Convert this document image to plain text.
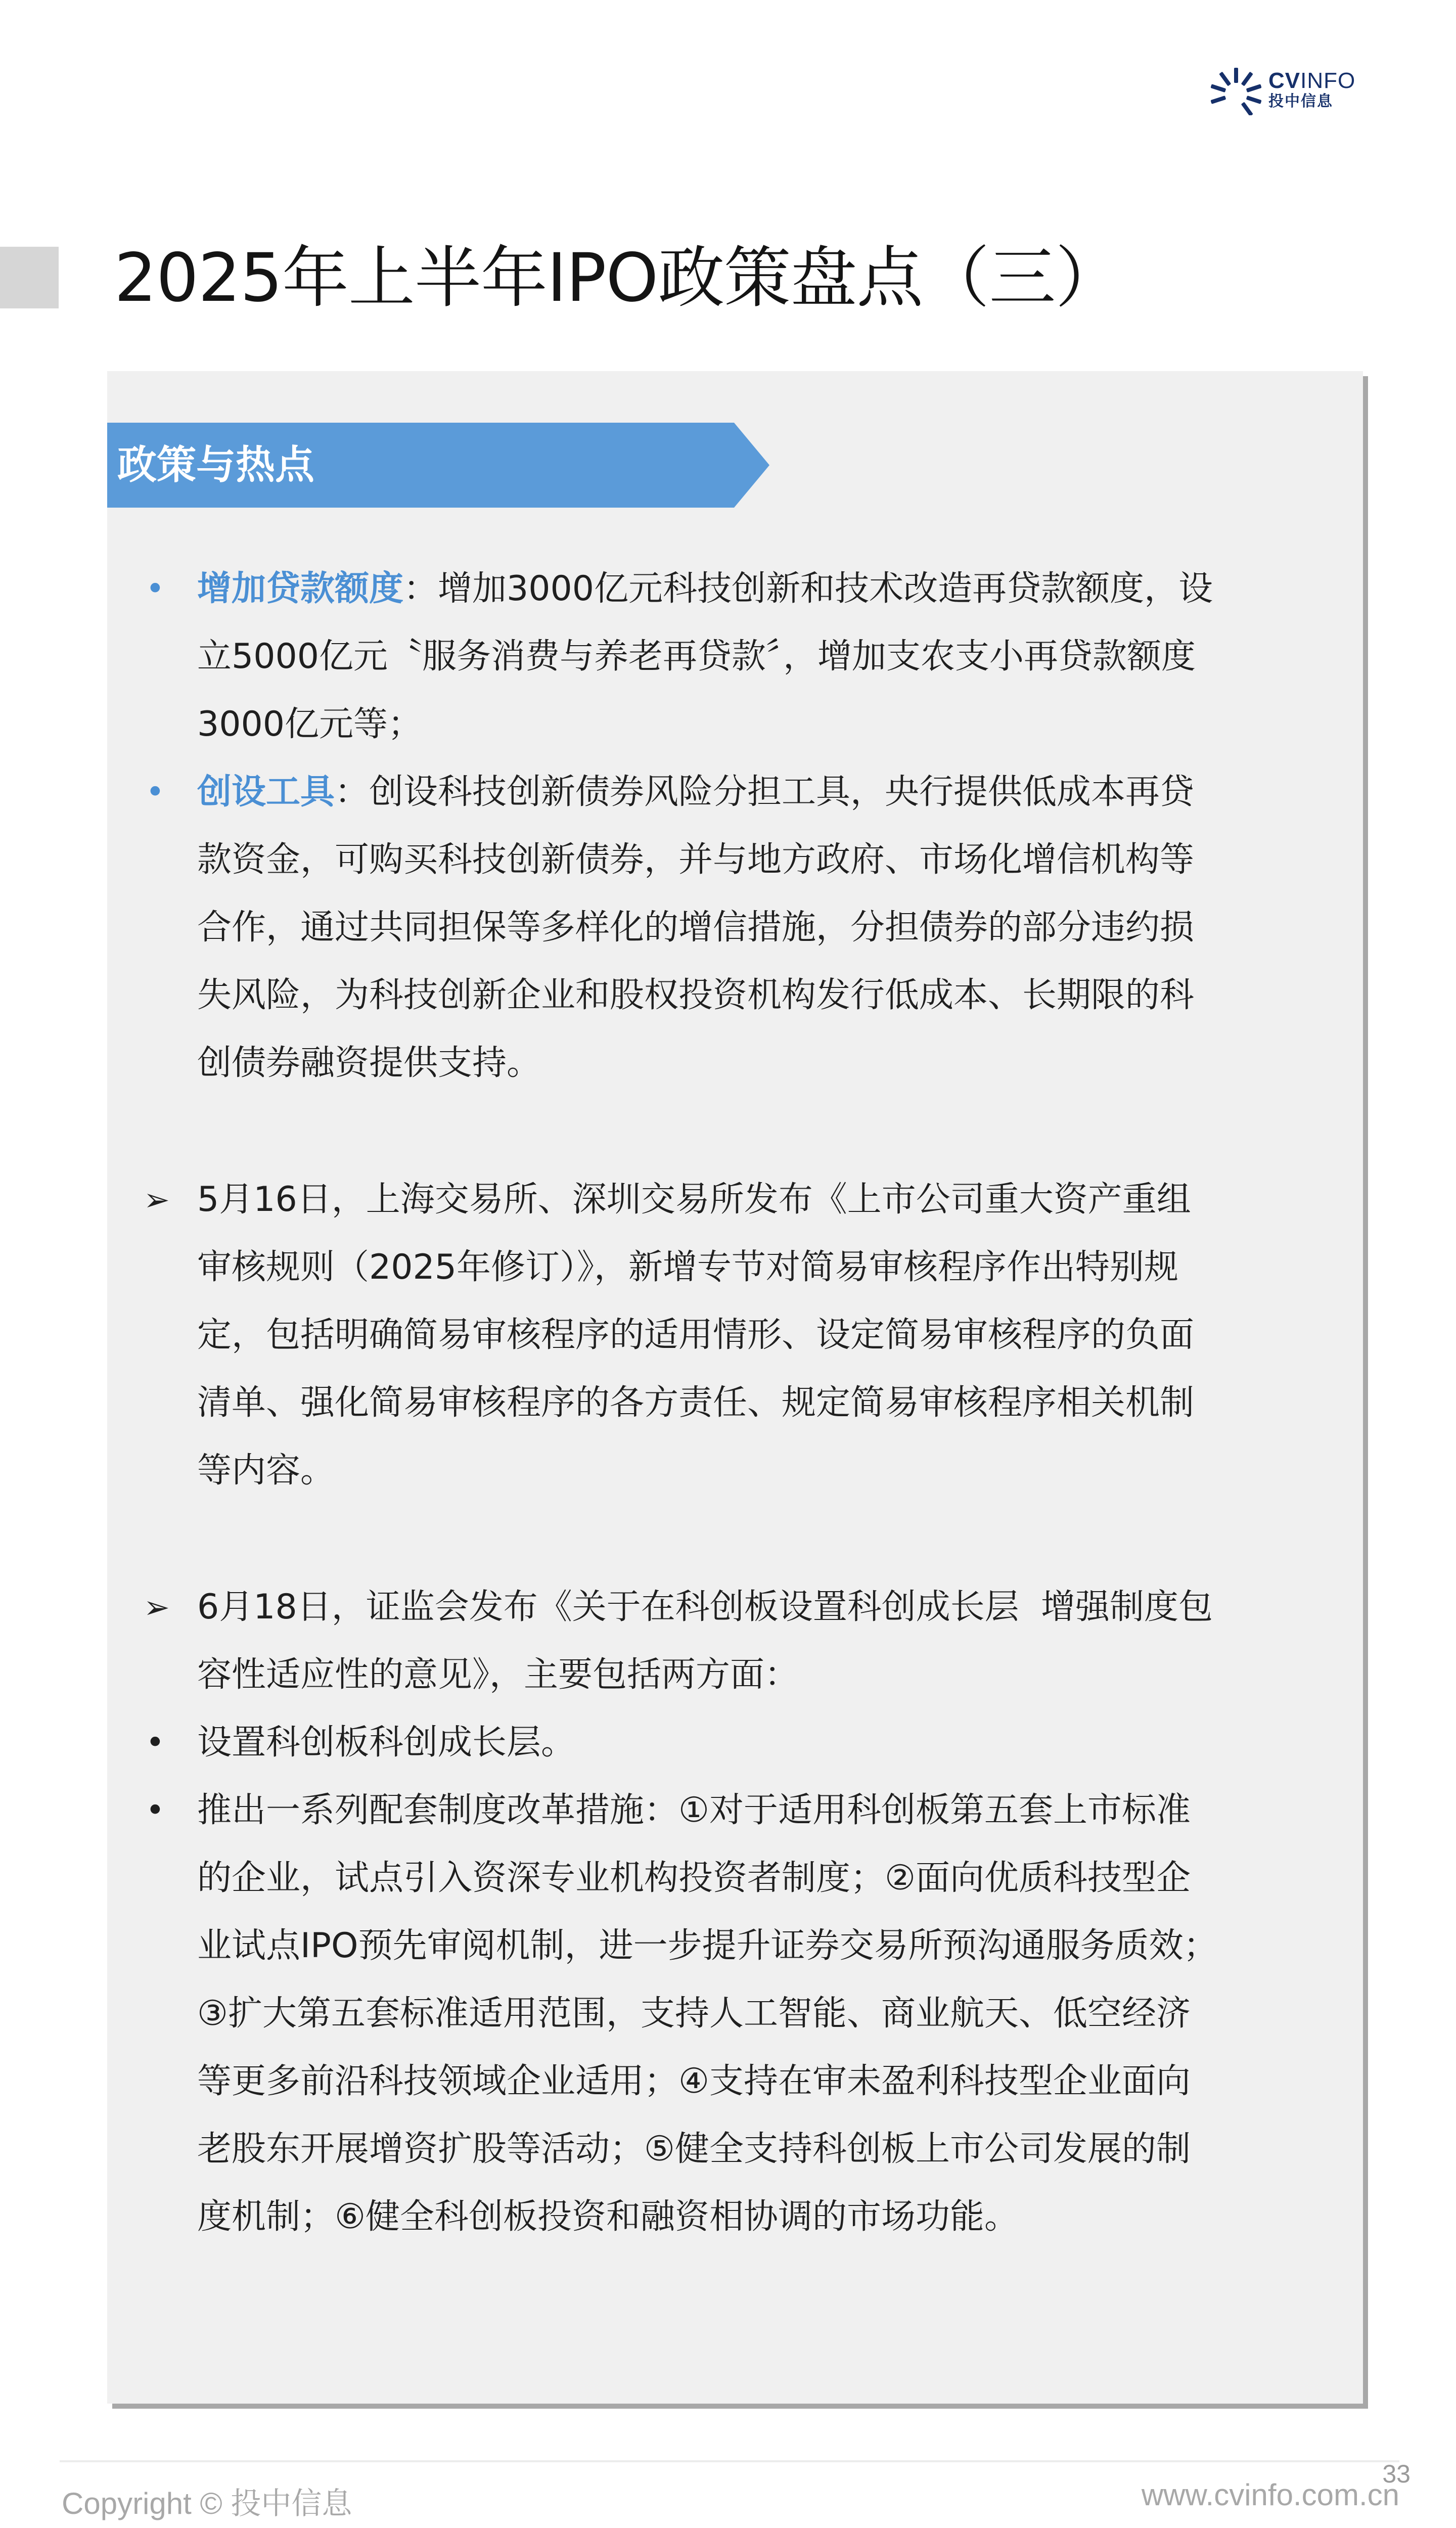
CVINFO
投中信息
2025年上半年IPO政策盘点（三）
政策与热点
• 增加贷款额度：增加3000亿元科技创新和技术改造再贷款额度，设
立5000亿元〝服务消费与养老再贷款〞，增加支农支小再贷款额度
3000亿元等；
• 创设工具：创设科技创新债券风险分担工具，央行提供低成本再贷
款资金，可购买科技创新债券，并与地方政府、市场化增信机构等
合作，通过共同担保等多样化的增信措施，分担债券的部分违约损
失风险，为科技创新企业和股权投资机构发行低成本、长期限的科
创债券融资提供支持。
➢ 5月16日，上海交易所、深圳交易所发布《上市公司重大资产重组
审核规则（2025年修订）》，新增专节对简易审核程序作出特别规
定，包括明确简易审核程序的适用情形、设定简易审核程序的负面
清单、强化简易审核程序的各方责任、规定简易审核程序相关机制
等内容。
➢ 6月18日，证监会发布《关于在科创板设置科创成长层  增强制度包
容性适应性的意见》，主要包括两方面：
• 设置科创板科创成长层。
• 推出一系列配套制度改革措施：①对于适用科创板第五套上市标准
的企业，试点引入资深专业机构投资者制度；②面向优质科技型企
业试点IPO预先审阅机制，进一步提升证券交易所预沟通服务质效；
③扩大第五套标准适用范围，支持人工智能、商业航天、低空经济
等更多前沿科技领域企业适用；④支持在审未盈利科技型企业面向
老股东开展增资扩股等活动；⑤健全支持科创板上市公司发展的制
度机制；⑥健全科创板投资和融资相协调的市场功能。
33
Copyright © 投中信息	www.cvinfo.com.cn
